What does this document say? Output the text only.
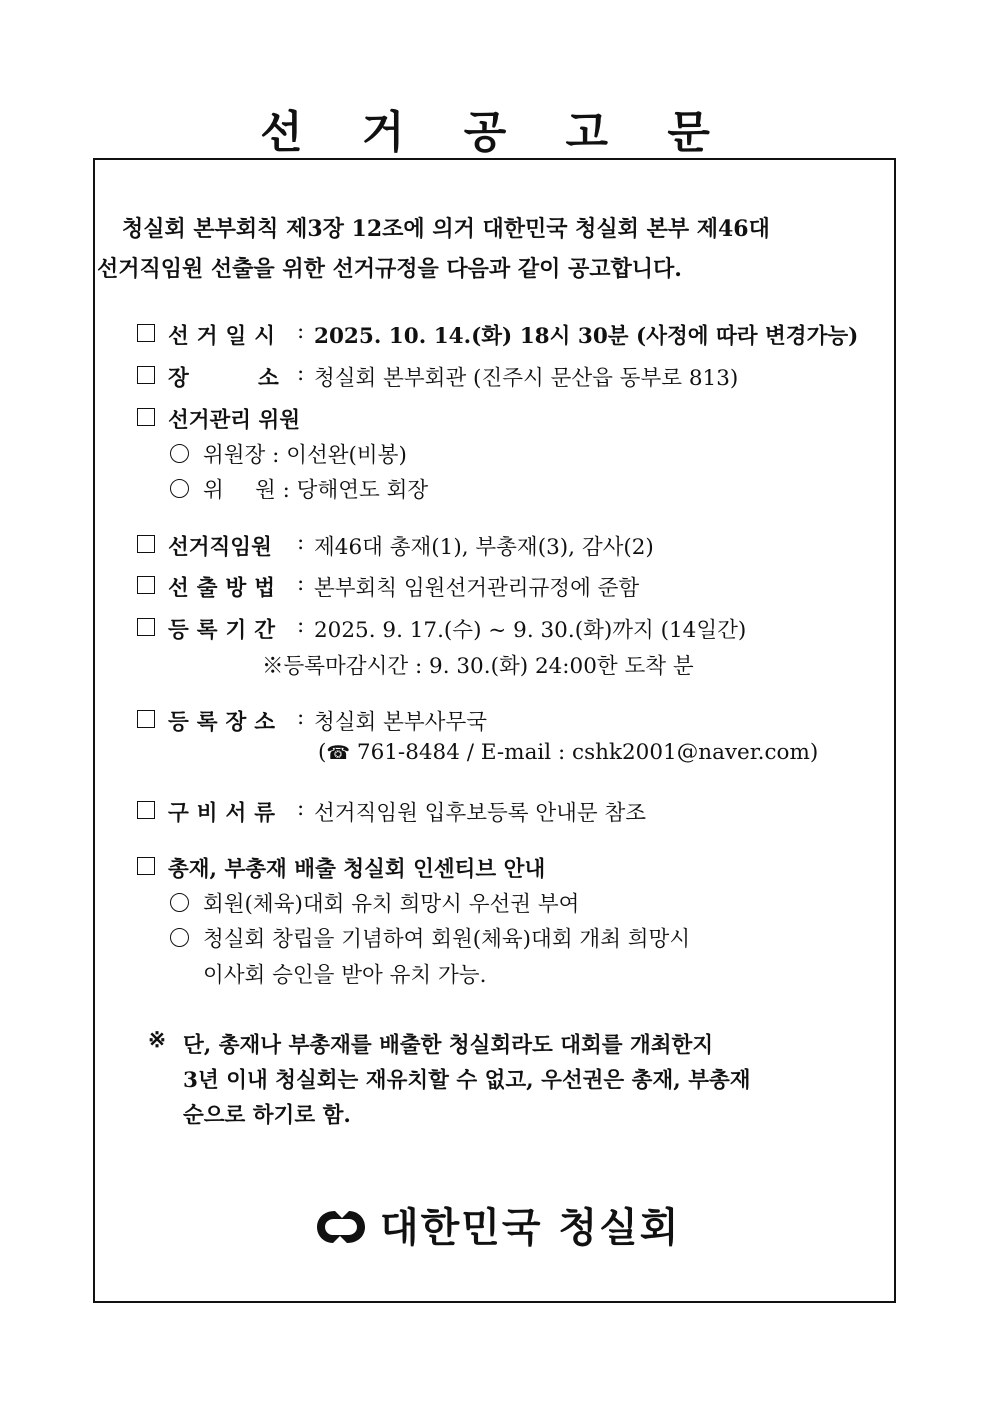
선 거 공 고 문
청실회 본부회칙 제3장 12조에 의거 대한민국 청실회 본부 제46대
선거직임원 선출을 위한 선거규정을 다음과 같이 공고합니다.
선거일시 : 2025. 10. 14.(화) 18시 30분 (사정에 따라 변경가능)
장	소 : 청실회 본부회관 (진주시 문산읍 동부로 813)
선거관리 위원
위원장 : 이선완(비봉)
위 원 : 당해연도 회장
선거직임원 : 제46대 총재(1), 부총재(3), 감사(2)
선출방법 : 본부회칙 임원선거관리규정에 준함
등록기간 : 2025. 9. 17.(수) ~ 9. 30.(화)까지 (14일간)
※등록마감시간 : 9. 30.(화) 24:00한 도착 분
등록장소 : 청실회 본부사무국
(☎ 761-8484 / E-mail : cshk2001@naver.com)
구비서류 : 선거직임원 입후보등록 안내문 참조
총재, 부총재 배출 청실회 인센티브 안내
회원(체육)대회 유치 희망시 우선권 부여
청실회 창립을 기념하여 회원(체육)대회 개최 희망시
이사회 승인을 받아 유치 가능.
※ 단, 총재나 부총재를 배출한 청실회라도 대회를 개최한지
3년 이내 청실회는 재유치할 수 없고, 우선권은 총재, 부총재
순으로 하기로 함.
대한민국 청실회
